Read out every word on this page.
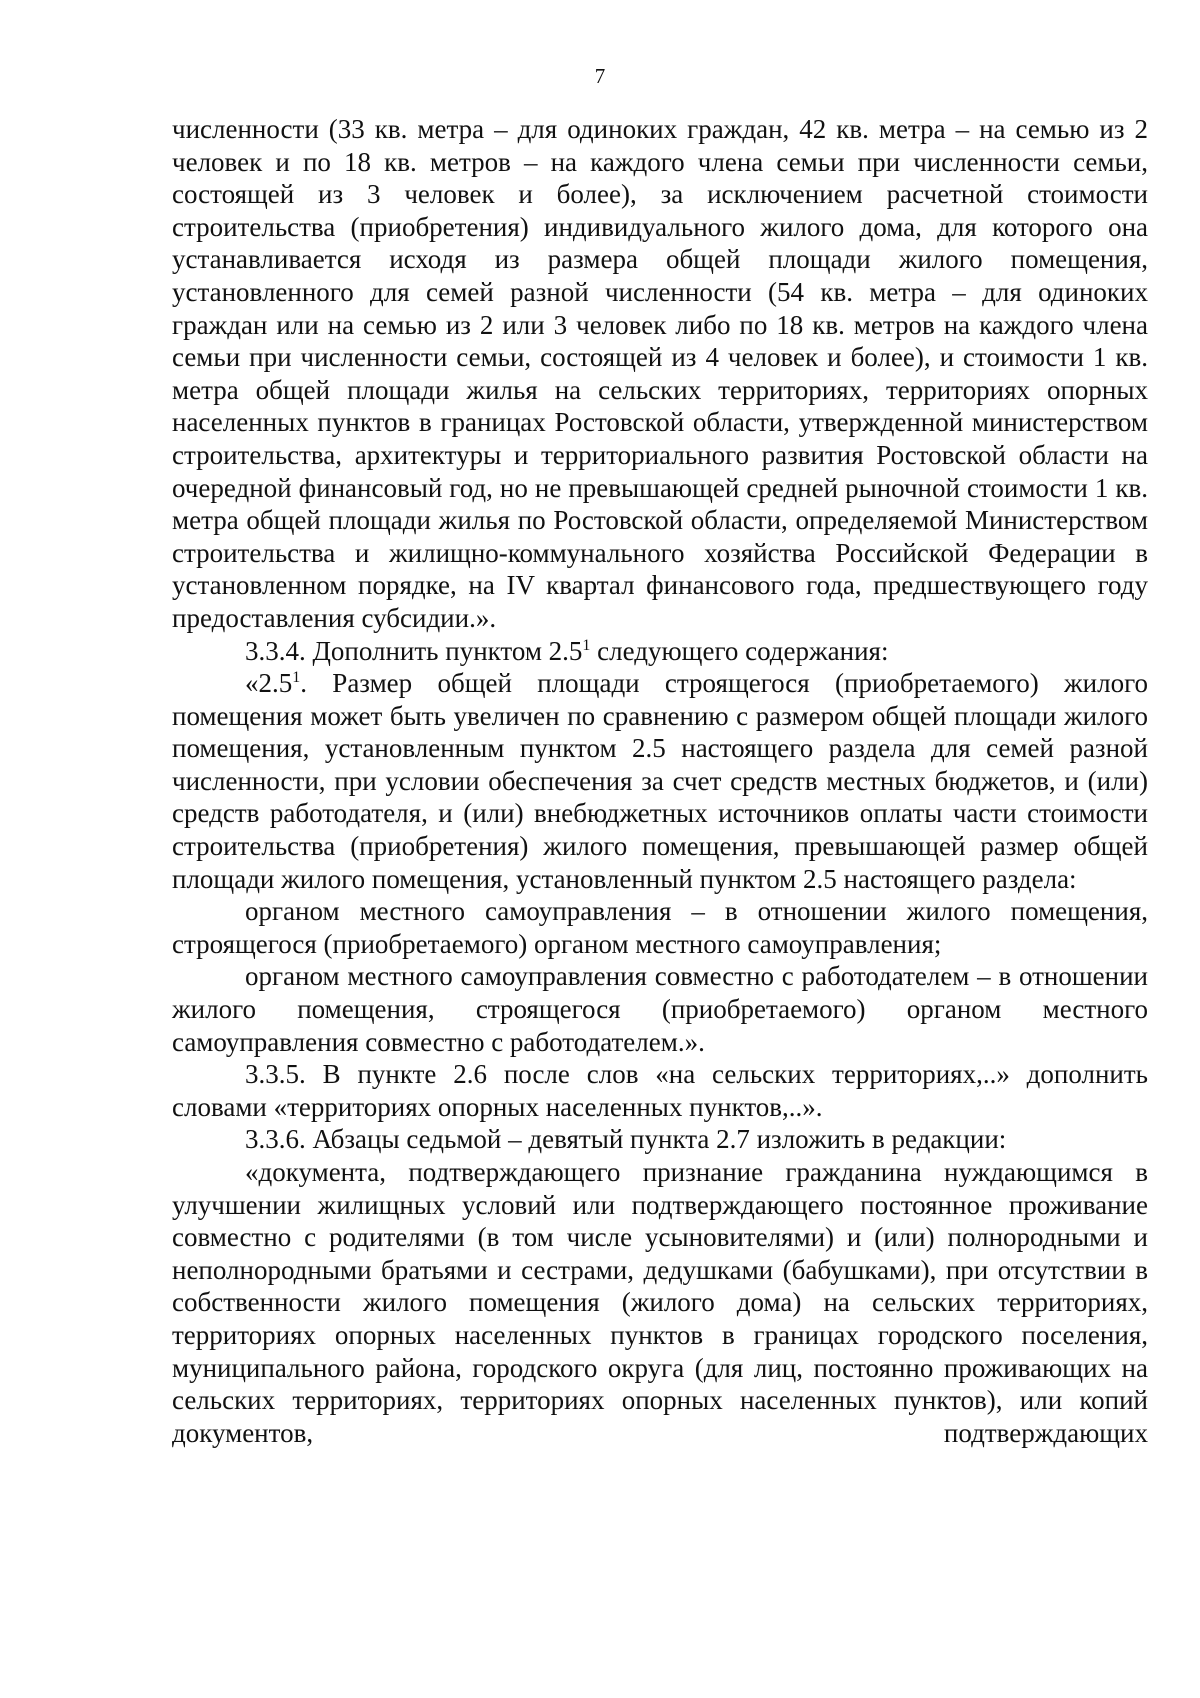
7

численности (33 кв. метра – для одиноких граждан, 42 кв. метра – на семью из 2 человек и по 18 кв. метров – на каждого члена семьи при численности семьи, состоящей из 3 человек и более), за исключением расчетной стоимости строительства (приобретения) индивидуального жилого дома, для которого она устанавливается исходя из размера общей площади жилого помещения, установленного для семей разной численности (54 кв. метра – для одиноких граждан или на семью из 2 или 3 человек либо по 18 кв. метров на каждого члена семьи при численности семьи, состоящей из 4 человек и более), и стоимости 1 кв. метра общей площади жилья на сельских территориях, территориях опорных населенных пунктов в границах Ростовской области, утвержденной министерством строительства, архитектуры и территориального развития Ростовской области на очередной финансовый год, но не превышающей средней рыночной стоимости 1 кв. метра общей площади жилья по Ростовской области, определяемой Министерством строительства и жилищно-коммунального хозяйства Российской Федерации в установленном порядке, на IV квартал финансового года, предшествующего году предоставления субсидии.».

3.3.4. Дополнить пунктом $2.5^1$ следующего содержания:

«$2.5^1$. Размер общей площади строящегося (приобретаемого) жилого помещения может быть увеличен по сравнению с размером общей площади жилого помещения, установленным пунктом 2.5 настоящего раздела для семей разной численности, при условии обеспечения за счет средств местных бюджетов, и (или) средств работодателя, и (или) внебюджетных источников оплаты части стоимости строительства (приобретения) жилого помещения, превышающей размер общей площади жилого помещения, установленный пунктом 2.5 настоящего раздела:

органом местного самоуправления – в отношении жилого помещения, строящегося (приобретаемого) органом местного самоуправления;

органом местного самоуправления совместно с работодателем – в отношении жилого помещения, строящегося (приобретаемого) органом местного самоуправления совместно с работодателем.».

3.3.5. В пункте 2.6 после слов «на сельских территориях,..» дополнить словами «территориях опорных населенных пунктов,..».

3.3.6. Абзацы седьмой – девятый пункта 2.7 изложить в редакции:

«документа, подтверждающего признание гражданина нуждающимся в улучшении жилищных условий или подтверждающего постоянное проживание совместно с родителями (в том числе усыновителями) и (или) полнородными и неполнородными братьями и сестрами, дедушками (бабушками), при отсутствии в собственности жилого помещения (жилого дома) на сельских территориях, территориях опорных населенных пунктов в границах городского поселения, муниципального района, городского округа (для лиц, постоянно проживающих на сельских территориях, территориях опорных населенных пунктов), или копий документов, подтверждающих
